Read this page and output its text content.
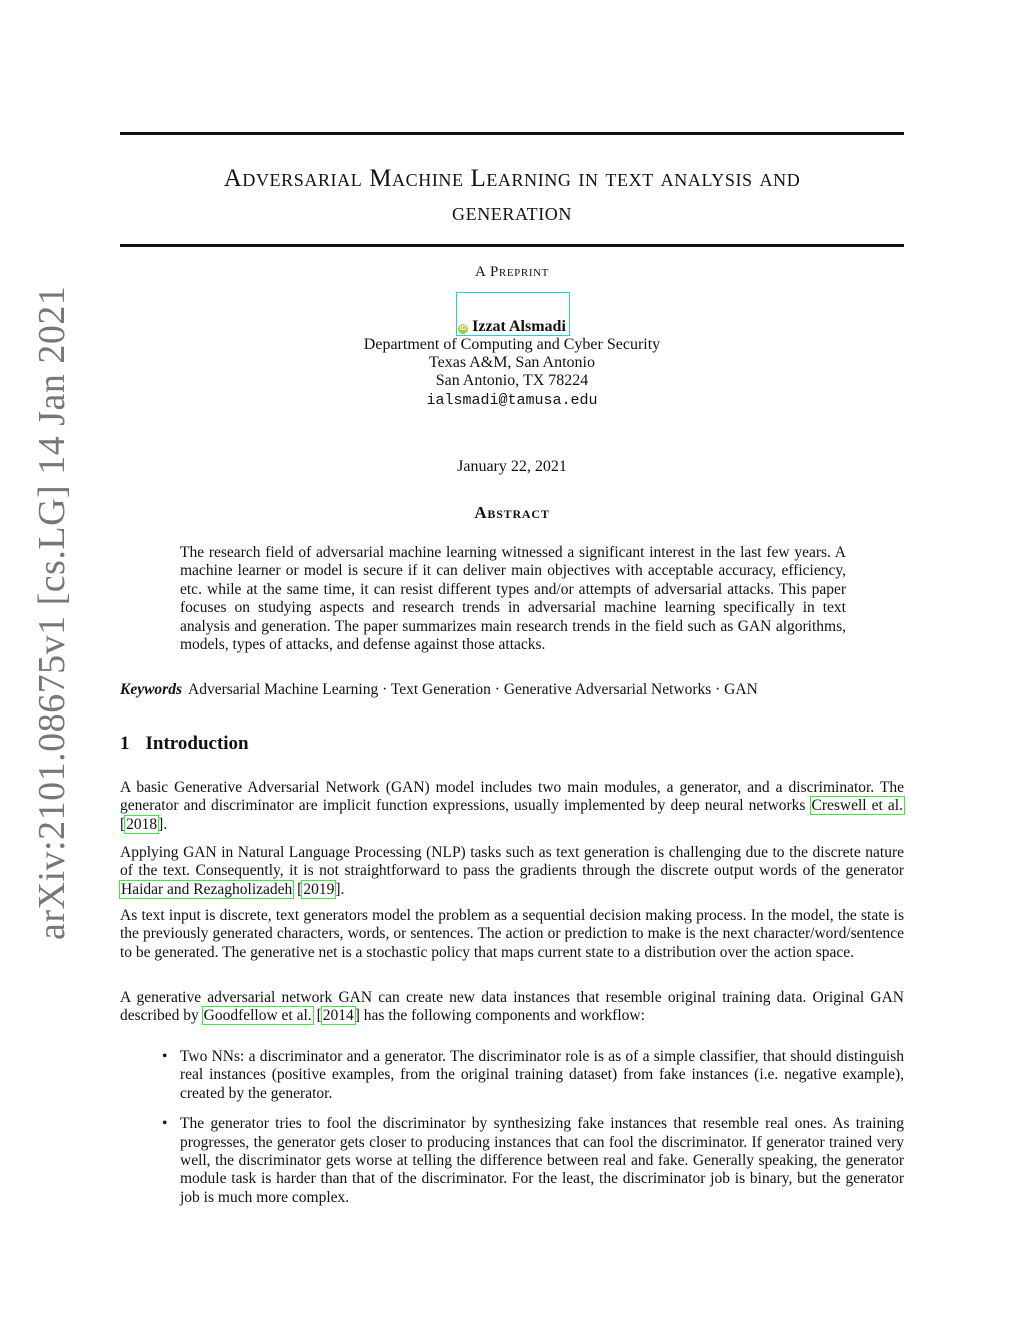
arXiv:2101.08675v1 [cs.LG] 14 Jan 2021
Adversarial Machine Learning in text analysis and
generation
A Preprint
iD Izzat Alsmadi
Department of Computing and Cyber Security
Texas A&M, San Antonio
San Antonio, TX 78224
ialsmadi@tamusa.edu
January 22, 2021
Abstract
The research field of adversarial machine learning witnessed a significant interest in the last few years. A machine learner or model is secure if it can deliver main objectives with acceptable accuracy, efficiency, etc. while at the same time, it can resist different types and/or attempts of adversarial attacks. This paper focuses on studying aspects and research trends in adversarial machine learning specifically in text analysis and generation. The paper summarizes main research trends in the field such as GAN algorithms, models, types of attacks, and defense against those attacks.
Keywords Adversarial Machine Learning · Text Generation · Generative Adversarial Networks · GAN
1 Introduction
A basic Generative Adversarial Network (GAN) model includes two main modules, a generator, and a discriminator. The generator and discriminator are implicit function expressions, usually implemented by deep neural networks Creswell et al. [2018].
Applying GAN in Natural Language Processing (NLP) tasks such as text generation is challenging due to the discrete nature of the text. Consequently, it is not straightforward to pass the gradients through the discrete output words of the generator Haidar and Rezagholizadeh [2019].
As text input is discrete, text generators model the problem as a sequential decision making process. In the model, the state is the previously generated characters, words, or sentences. The action or prediction to make is the next character/word/sentence to be generated. The generative net is a stochastic policy that maps current state to a distribution over the action space.
A generative adversarial network GAN can create new data instances that resemble original training data. Original GAN described by Goodfellow et al. [2014] has the following components and workflow:
• Two NNs: a discriminator and a generator. The discriminator role is as of a simple classifier, that should distinguish real instances (positive examples, from the original training dataset) from fake instances (i.e. negative example), created by the generator.
• The generator tries to fool the discriminator by synthesizing fake instances that resemble real ones. As training progresses, the generator gets closer to producing instances that can fool the discriminator. If generator trained very well, the discriminator gets worse at telling the difference between real and fake. Generally speaking, the generator module task is harder than that of the discriminator. For the least, the discriminator job is binary, but the generator job is much more complex.
